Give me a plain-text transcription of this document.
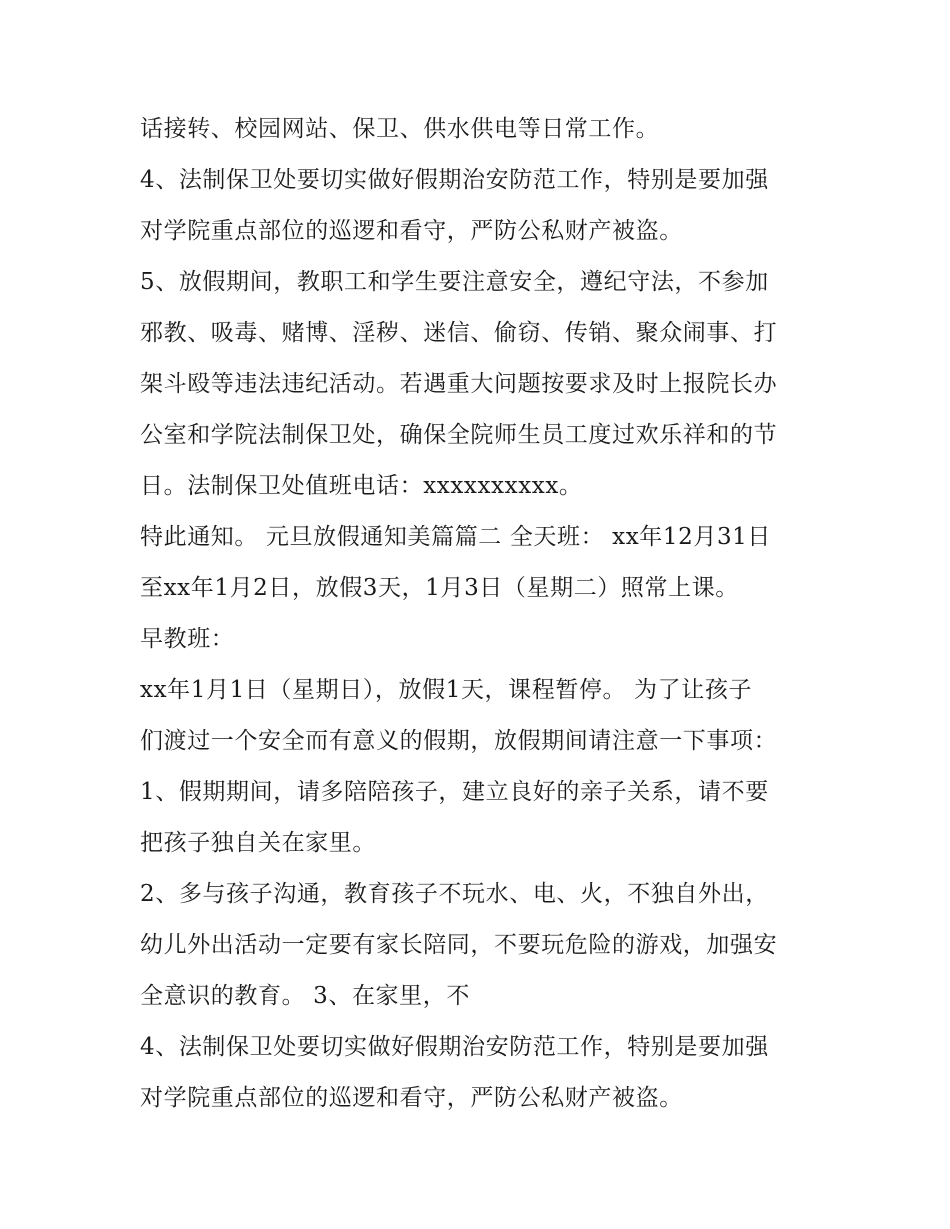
话接转、校园网站、保卫、供水供电等日常工作。
4、法制保卫处要切实做好假期治安防范工作，特别是要加强
对学院重点部位的巡逻和看守，严防公私财产被盗。
5、放假期间，教职工和学生要注意安全，遵纪守法，不参加
邪教、吸毒、赌博、淫秽、迷信、偷窃、传销、聚众闹事、打
架斗殴等违法违纪活动。若遇重大问题按要求及时上报院长办
公室和学院法制保卫处，确保全院师生员工度过欢乐祥和的节
日。法制保卫处值班电话：xxxxxxxxxx。
特此通知。 元旦放假通知美篇篇二 全天班： xx年12月31日
至xx年1月2日，放假3天，1月3日（星期二）照常上课。
早教班：
xx年1月1日（星期日），放假1天，课程暂停。 为了让孩子
们渡过一个安全而有意义的假期，放假期间请注意一下事项：
1、假期期间，请多陪陪孩子，建立良好的亲子关系，请不要
把孩子独自关在家里。
2、多与孩子沟通，教育孩子不玩水、电、火，不独自外出，
幼儿外出活动一定要有家长陪同，不要玩危险的游戏，加强安
全意识的教育。 3、在家里，不
4、法制保卫处要切实做好假期治安防范工作，特别是要加强
对学院重点部位的巡逻和看守，严防公私财产被盗。
